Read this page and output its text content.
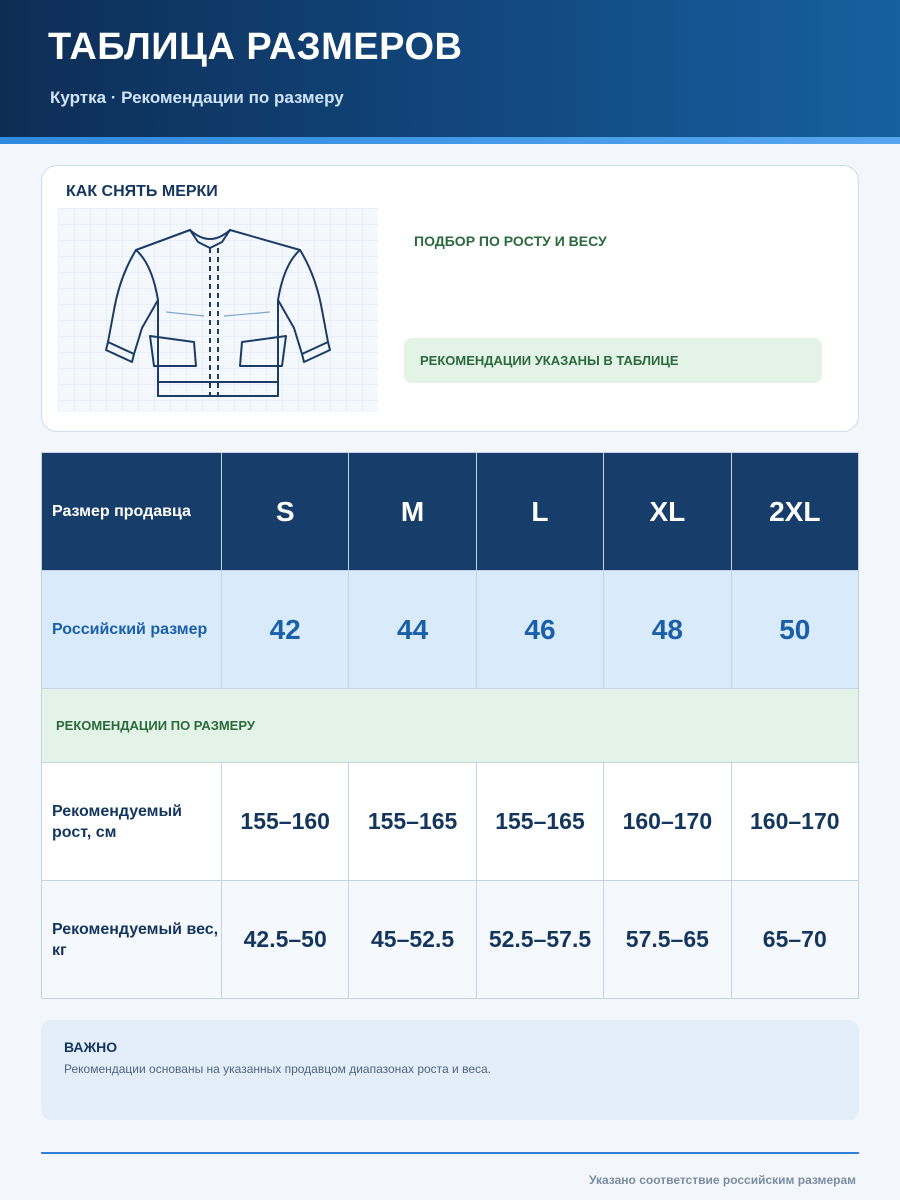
ТАБЛИЦА РАЗМЕРОВ
Куртка · Рекомендации по размеру
КАК СНЯТЬ МЕРКИ
ПОДБОР ПО РОСТУ И ВЕСУ
РЕКОМЕНДАЦИИ УКАЗАНЫ В ТАБЛИЦЕ
Размер продавца	S	M	L	XL	2XL
Российский размер	42	44	46	48	50
РЕКОМЕНДАЦИИ ПО РАЗМЕРУ					
Рекомендуемый рост, см	155–160	155–165	155–165	160–170	160–170
Рекомендуемый вес, кг	42.5–50	45–52.5	52.5–57.5	57.5–65	65–70
ВАЖНО
Рекомендации основаны на указанных продавцом диапазонах роста и веса.
Указано соответствие российским размерам
